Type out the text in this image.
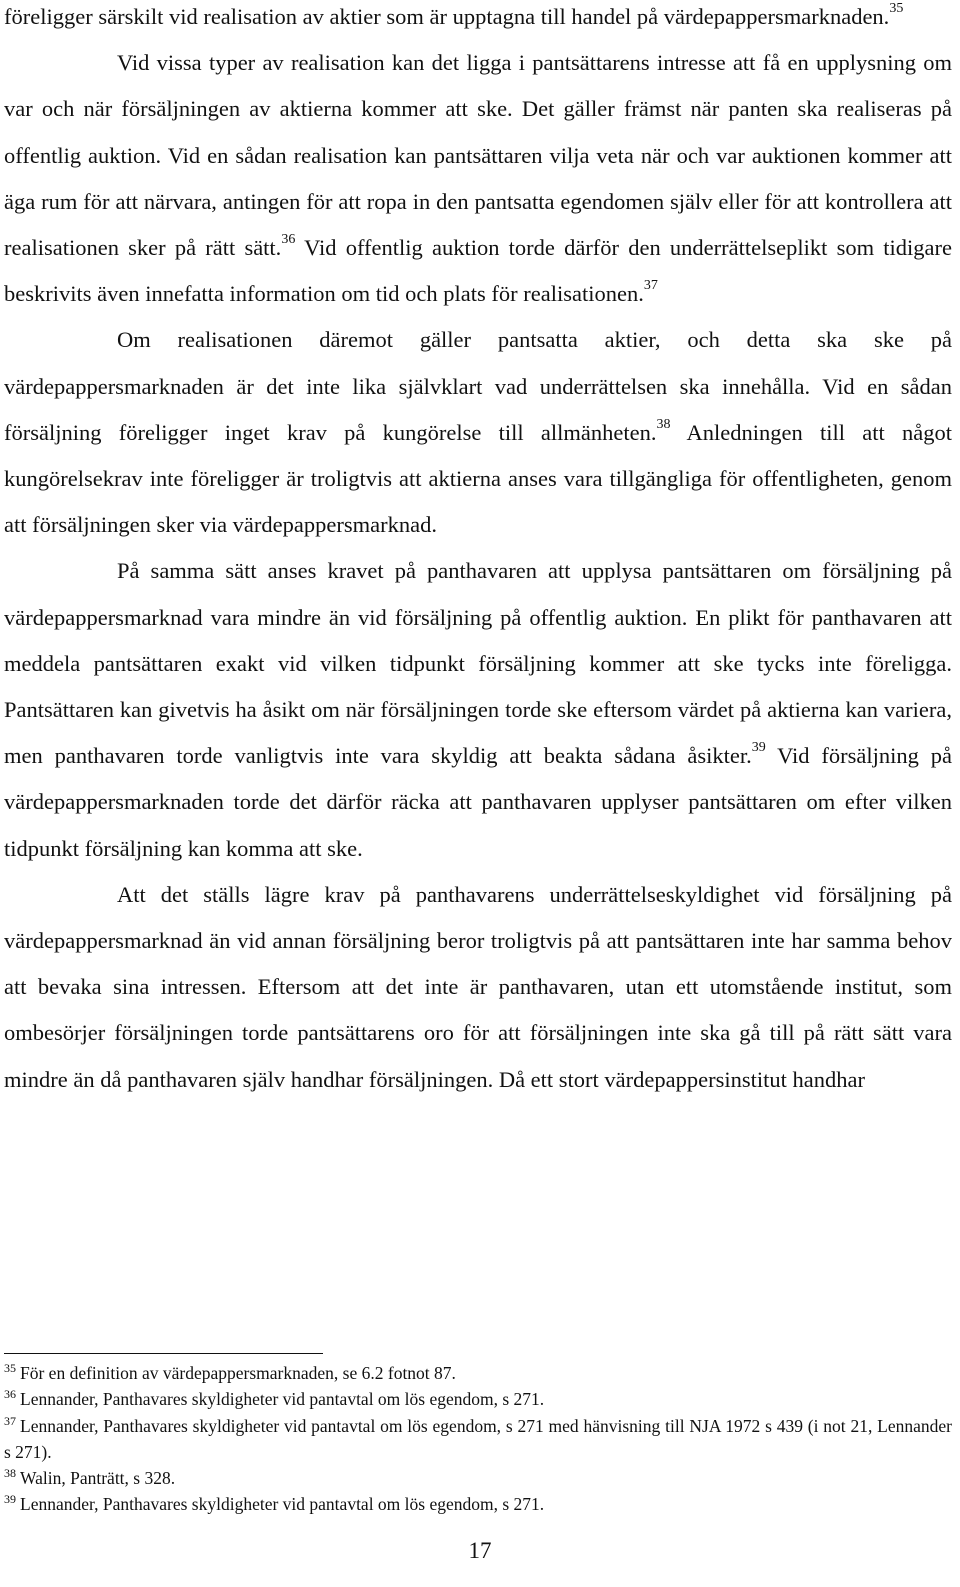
föreligger särskilt vid realisation av aktier som är upptagna till handel på värdepappersmarknaden.$^{35}$

Vid vissa typer av realisation kan det ligga i pantsättarens intresse att få en upplysning om var och när försäljningen av aktierna kommer att ske. Det gäller främst när panten ska realiseras på offentlig auktion. Vid en sådan realisation kan pantsättaren vilja veta när och var auktionen kommer att äga rum för att närvara, antingen för att ropa in den pantsatta egendomen själv eller för att kontrollera att realisationen sker på rätt sätt.$^{36}$ Vid offentlig auktion torde därför den underrättelseplikt som tidigare beskrivits även innefatta information om tid och plats för realisationen.$^{37}$

Om realisationen däremot gäller pantsatta aktier, och detta ska ske på värdepappersmarknaden är det inte lika självklart vad underrättelsen ska innehålla. Vid en sådan försäljning föreligger inget krav på kungörelse till allmänheten.$^{38}$ Anledningen till att något kungörelsekrav inte föreligger är troligtvis att aktierna anses vara tillgängliga för offentligheten, genom att försäljningen sker via värdepappersmarknad.

På samma sätt anses kravet på panthavaren att upplysa pantsättaren om försäljning på värdepappersmarknad vara mindre än vid försäljning på offentlig auktion. En plikt för panthavaren att meddela pantsättaren exakt vid vilken tidpunkt försäljning kommer att ske tycks inte föreligga. Pantsättaren kan givetvis ha åsikt om när försäljningen torde ske eftersom värdet på aktierna kan variera, men panthavaren torde vanligtvis inte vara skyldig att beakta sådana åsikter.$^{39}$ Vid försäljning på värdepappersmarknaden torde det därför räcka att panthavaren upplyser pantsättaren om efter vilken tidpunkt försäljning kan komma att ske.

Att det ställs lägre krav på panthavarens underrättelseskyldighet vid försäljning på värdepappersmarknad än vid annan försäljning beror troligtvis på att pantsättaren inte har samma behov att bevaka sina intressen. Eftersom att det inte är panthavaren, utan ett utomstående institut, som ombesörjer försäljningen torde pantsättarens oro för att försäljningen inte ska gå till på rätt sätt vara mindre än då panthavaren själv handhar försäljningen. Då ett stort värdepappersinstitut handhar

$^{35}$ För en definition av värdepappersmarknaden, se 6.2 fotnot 87.

$^{36}$ Lennander, Panthavares skyldigheter vid pantavtal om lös egendom, s 271.

$^{37}$ Lennander, Panthavares skyldigheter vid pantavtal om lös egendom, s 271 med hänvisning till NJA 1972 s 439 (i not 21, Lennander s 271).

$^{38}$ Walin, Panträtt, s 328.

$^{39}$ Lennander, Panthavares skyldigheter vid pantavtal om lös egendom, s 271.

17
